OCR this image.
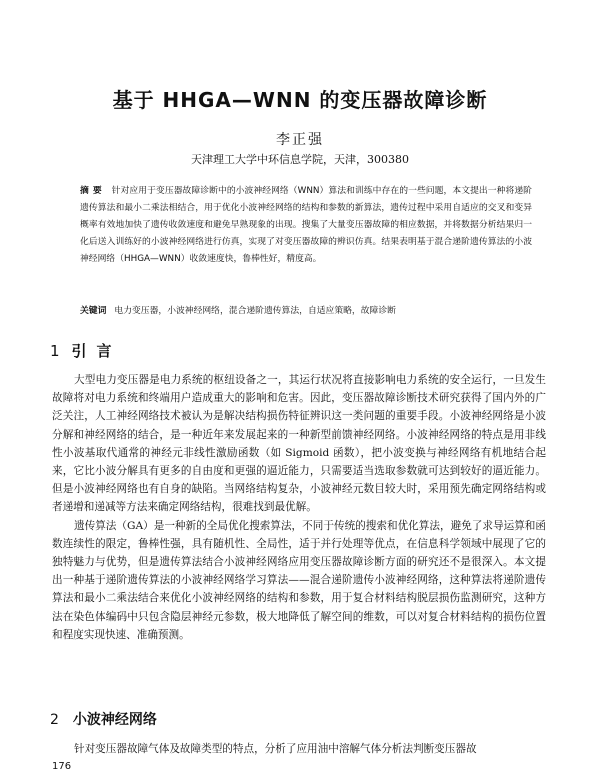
基于 HHGA—WNN 的变压器故障诊断
李正强
天津理工大学中环信息学院，天津，300380
摘要 针对应用于变压器故障诊断中的小波神经网络（WNN）算法和训练中存在的一些问题，本文提出一种将递阶遗传算法和最小二乘法相结合，用于优化小波神经网络的结构和参数的新算法，遗传过程中采用自适应的交叉和变异概率有效地加快了遗传收敛速度和避免早熟现象的出现。搜集了大量变压器故障的相应数据，并将数据分析结果归一化后送入训练好的小波神经网络进行仿真，实现了对变压器故障的辨识仿真。结果表明基于混合递阶遗传算法的小波神经网络（HHGA—WNN）收敛速度快，鲁棒性好，精度高。
关键词 电力变压器，小波神经网络，混合递阶遗传算法，自适应策略，故障诊断
1 引言

大型电力变压器是电力系统的枢纽设备之一，其运行状况将直接影响电力系统的安全运行，一旦发生故障将对电力系统和终端用户造成重大的影响和危害。因此，变压器故障诊断技术研究获得了国内外的广泛关注，人工神经网络技术被认为是解决结构损伤特征辨识这一类问题的重要手段。小波神经网络是小波分解和神经网络的结合，是一种近年来发展起来的一种新型前馈神经网络。小波神经网络的特点是用非线性小波基取代通常的神经元非线性激励函数（如 Sigmoid 函数），把小波变换与神经网络有机地结合起来，它比小波分解具有更多的自由度和更强的逼近能力，只需要适当选取参数就可达到较好的逼近能力。但是小波神经网络也有自身的缺陷。当网络结构复杂，小波神经元数目较大时，采用预先确定网络结构或者递增和递减等方法来确定网络结构，很难找到最优解。

遗传算法（GA）是一种新的全局优化搜索算法，不同于传统的搜索和优化算法，避免了求导运算和函数连续性的限定，鲁棒性强，具有随机性、全局性，适于并行处理等优点，在信息科学领域中展现了它的独特魅力与优势，但是遗传算法结合小波神经网络应用变压器故障诊断方面的研究还不是很深入。本文提出一种基于递阶遗传算法的小波神经网络学习算法——混合递阶遗传小波神经网络，这种算法将递阶遗传算法和最小二乘法结合来优化小波神经网络的结构和参数，用于复合材料结构脱层损伤监测研究，这种方法在染色体编码中只包含隐层神经元参数，极大地降低了解空间的维数，可以对复合材料结构的损伤位置和程度实现快速、准确预测。

2 小波神经网络
针对变压器故障气体及故障类型的特点，分析了应用油中溶解气体分析法判断变压器故
176
